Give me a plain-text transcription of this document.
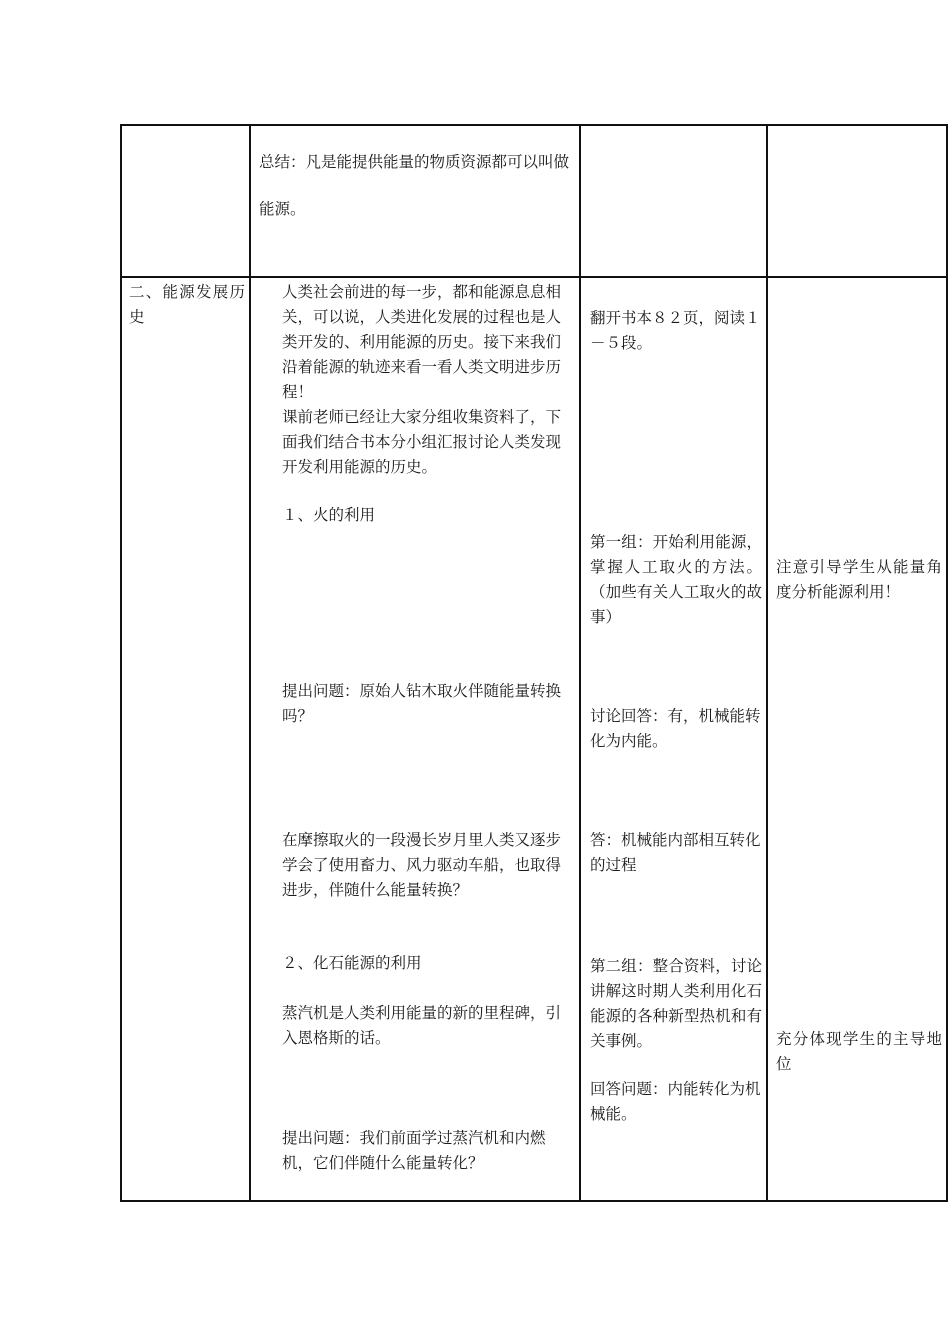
总结：凡是能提供能量的物质资源都可以叫做能源。

二、能源发展历史

人类社会前进的每一步，都和能源息息相关，可以说，人类进化发展的过程也是人类开发的、利用能源的历史。接下来我们沿着能源的轨迹来看一看人类文明进步历程！

课前老师已经让大家分组收集资料了，下面我们结合书本分小组汇报讨论人类发现开发利用能源的历史。

１、火的利用

提出问题：原始人钻木取火伴随能量转换吗？

在摩擦取火的一段漫长岁月里人类又逐步学会了使用畜力、风力驱动车船，也取得进步，伴随什么能量转换？

２、化石能源的利用

蒸汽机是人类利用能量的新的里程碑，引入恩格斯的话。

提出问题：我们前面学过蒸汽机和内燃机，它们伴随什么能量转化？

翻开书本８２页，阅读１－５段。

第一组：开始利用能源，掌握人工取火的方法。（加些有关人工取火的故事）

讨论回答：有，机械能转化为内能。

答：机械能内部相互转化的过程

第二组：整合资料，讨论讲解这时期人类利用化石能源的各种新型热机和有关事例。

回答问题：内能转化为机械能。

注意引导学生从能量角度分析能源利用！

充分体现学生的主导地位
